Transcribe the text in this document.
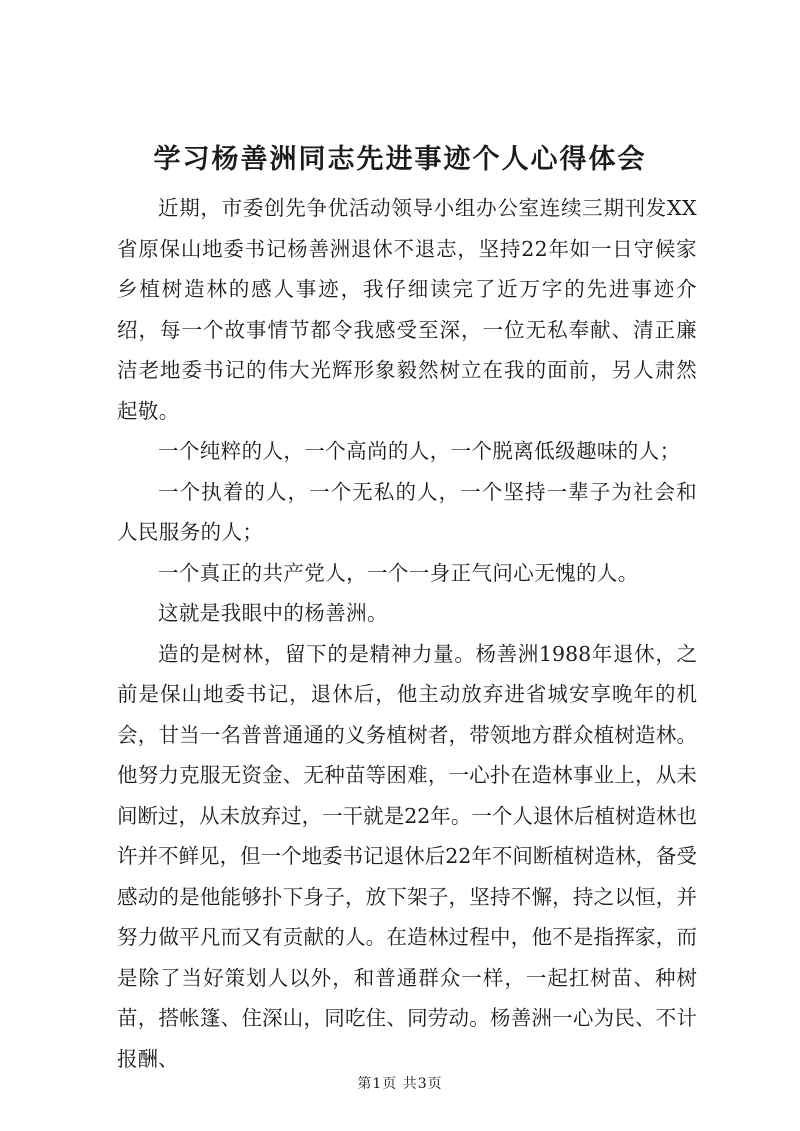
学习杨善洲同志先进事迹个人心得体会

近期，市委创先争优活动领导小组办公室连续三期刊发XX省原保山地委书记杨善洲退休不退志，坚持22年如一日守候家乡植树造林的感人事迹，我仔细读完了近万字的先进事迹介绍，每一个故事情节都令我感受至深，一位无私奉献、清正廉洁老地委书记的伟大光辉形象毅然树立在我的面前，另人肃然起敬。

一个纯粹的人，一个高尚的人，一个脱离低级趣味的人；

一个执着的人，一个无私的人，一个坚持一辈子为社会和人民服务的人；

一个真正的共产党人，一个一身正气问心无愧的人。

这就是我眼中的杨善洲。

造的是树林，留下的是精神力量。杨善洲1988年退休，之前是保山地委书记，退休后，他主动放弃进省城安享晚年的机会，甘当一名普普通通的义务植树者，带领地方群众植树造林。他努力克服无资金、无种苗等困难，一心扑在造林事业上，从未间断过，从未放弃过，一干就是22年。一个人退休后植树造林也许并不鲜见，但一个地委书记退休后22年不间断植树造林，备受感动的是他能够扑下身子，放下架子，坚持不懈，持之以恒，并努力做平凡而又有贡献的人。在造林过程中，他不是指挥家，而是除了当好策划人以外，和普通群众一样，一起扛树苗、种树苗，搭帐篷、住深山，同吃住、同劳动。杨善洲一心为民、不计报酬、

第1页 共3页
